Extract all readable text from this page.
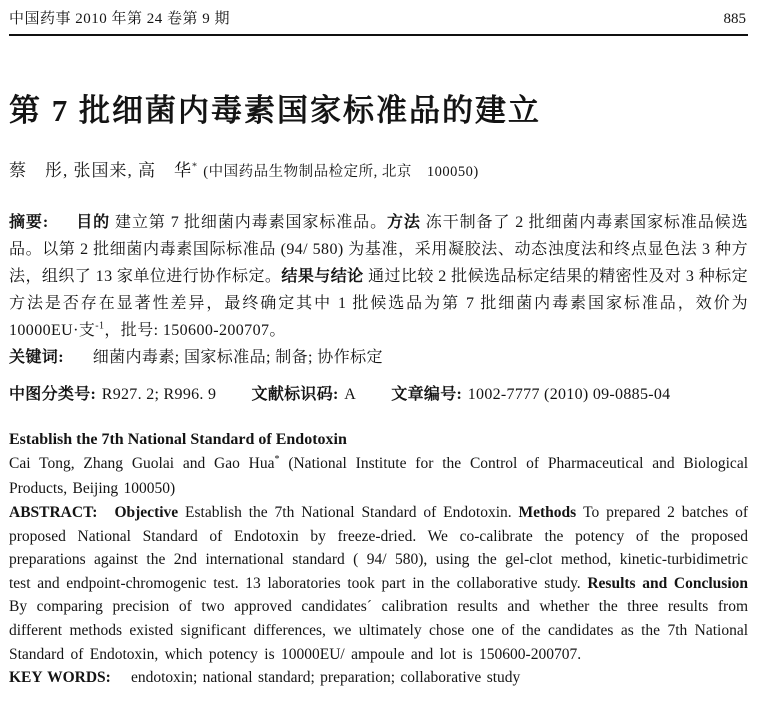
中国药事 2010 年第 24 卷第 9 期	885
第 7 批细菌内毒素国家标准品的建立

蔡　彤, 张国来, 高　华* (中国药品生物制品检定所, 北京　100050)

摘要: 目的 建立第 7 批细菌内毒素国家标准品。方法 冻干制备了 2 批细菌内毒素国家标准品候选品。以第 2 批细菌内毒素国际标准品 (94/ 580) 为基准，采用凝胶法、动态浊度法和终点显色法 3 种方法，组织了 13 家单位进行协作标定。结果与结论 通过比较 2 批候选品标定结果的精密性及对 3 种标定方法是否存在显著性差异，最终确定其中 1 批候选品为第 7 批细菌内毒素国家标准品，效价为 10000EU·支$^{-1}$，批号: 150600-200707。

关键词: 细菌内毒素; 国家标准品; 制备; 协作标定

中图分类号: R927. 2; R996. 9 文献标识码: A 文章编号: 1002-7777 (2010) 09-0885-04

Establish the 7th National Standard of Endotoxin

Cai Tong, Zhang Guolai and Gao Hua* (National Institute for the Control of Pharmaceutical and Biological Products, Beijing 100050)

ABSTRACT: Objective Establish the 7th National Standard of Endotoxin. Methods To prepared 2 batches of proposed National Standard of Endotoxin by freeze-dried. We co-calibrate the potency of the proposed preparations against the 2nd international standard ( 94/ 580), using the gel-clot method, kinetic-turbidimetric test and endpoint-chromogenic test. 13 laboratories took part in the collaborative study. Results and ConclusionBy comparing precision of two approved candidates´ calibration results and whether the three results from different methods existed significant differences, we ultimately chose one of the candidates as the 7th National Standard of Endotoxin, which potency is 10000EU/ ampoule and lot is 150600-200707.

KEY WORDS: endotoxin; national standard; preparation; collaborative study
